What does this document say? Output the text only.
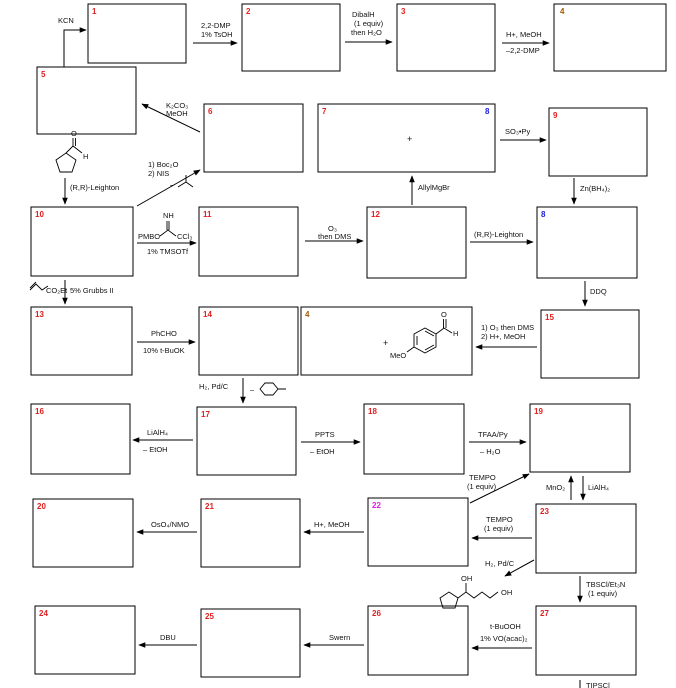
1	2	3	4
5
6	7	8
+
9
10	11	12	8
13	14	4
+
15
16	17	18	19
20	21	22
23
24	25	26	27
KCN
2,2-DMP
1% TsOH
DibalH
(1 equiv)
then H₂O	H+, MeOH
–2,2-DMP
K₂CO₃
MeOH
1) Boc₂O
2) NIS
–
SO₃•Py
AllylMgBr	Zn(BH₄)₂
O
H
(R,R)-Leighton
PMBO
NH
CCl₃
1% TMSOTf
O₃
then DMS	(R,R)-Leighton
CO₂Et 5% Grubbs II	DDQ
PhCHO
10% t-BuOK
O
H
MeO
1) O₃ then DMS
2) H+, MeOH
H₂, Pd/C	–
LiAlH₄
– EtOH
PPTS
– EtOH
TFAA/Py
– H₂O
TEMPO
(1 equiv)	MnO₂	LiAlH₄
OsO₄/NMO	H+, MeOH
TEMPO
(1 equiv)
H₂, Pd/C
OH
OH
TBSCl/Et₃N
(1 equiv)
DBU	Swern
t-BuOOH
1% VO(acac)₂
TIPSCl
